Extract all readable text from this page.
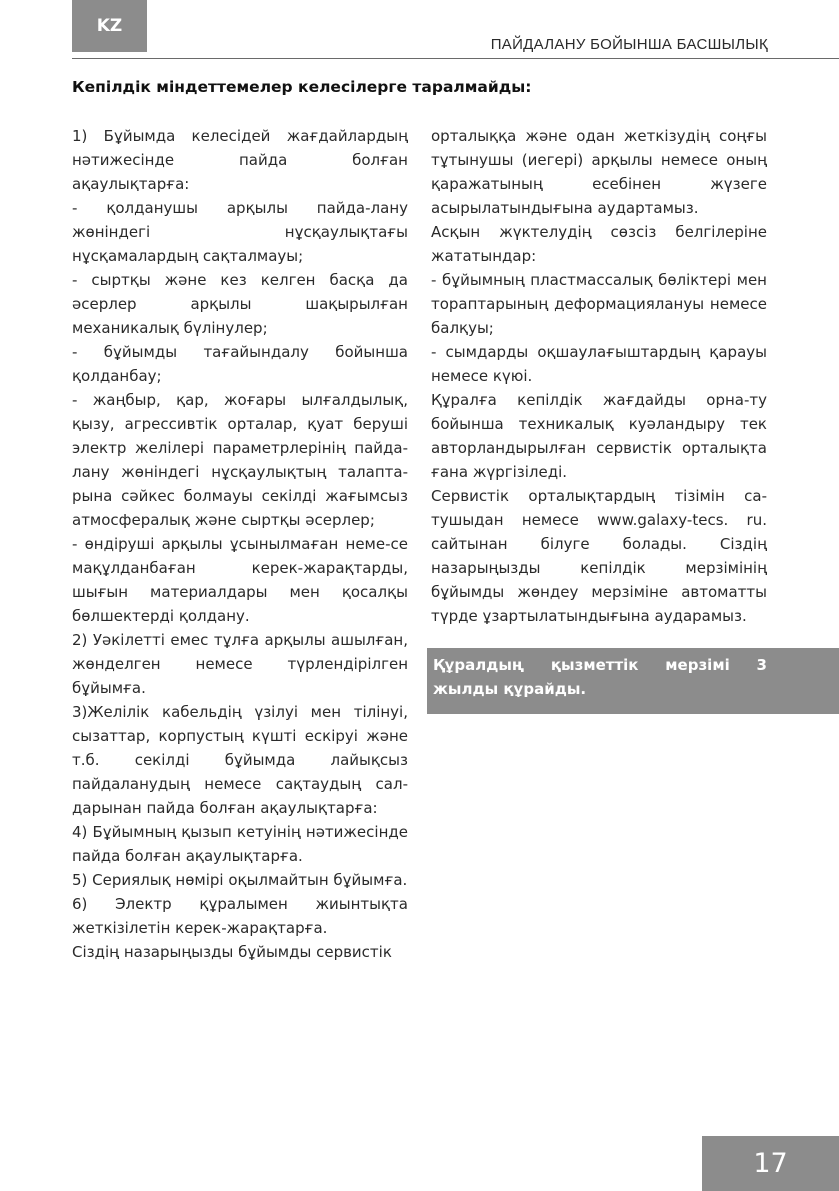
KZ
ПАЙДАЛАНУ БОЙЫНША БАСШЫЛЫҚ
Кепілдік міндеттемелер келесілерге таралмайды:

1) Бұйымда келесідей жағдайлардың нәтижесінде пайда болған ақаулықтарға:

- қолданушы арқылы пайда-лану жөніндегі нұсқаулықтағы нұсқамалардың сақталмауы;

- сыртқы және кез келген басқа да әсерлер арқылы шақырылған механикалық бүлінулер;

- бұйымды тағайындалу бойынша қолданбау;

- жаңбыр, қар, жоғары ылғалдылық, қызу, агрессивтік орталар, қуат беруші электр желілері параметрлерінің пайда-лану жөніндегі нұсқаулықтың талапта-рына сәйкес болмауы секілді жағымсыз атмосфералық және сыртқы әсерлер;

- өндіруші арқылы ұсынылмаған неме-се мақұлданбаған керек-жарақтарды, шығын материалдары мен қосалқы бөлшектерді қолдану.

2) Уәкілетті емес тұлға арқылы ашылған, жөнделген немесе түрлендірілген бұйымға.

3)Желілік кабельдің үзілуі мен тілінуі, сызаттар, корпустың күшті ескіруі және т.б. секілді бұйымда лайықсыз пайдаланудың немесе сақтаудың сал-дарынан пайда болған ақаулықтарға:

4) Бұйымның қызып кетуінің нәтижесінде пайда болған ақаулықтарға.

5) Сериялық нөмірі оқылмайтын бұйымға.

6) Электр құралымен жиынтықта жеткізілетін керек-жарақтарға.

Сіздің назарыңызды бұйымды сервистік

орталыққа және одан жеткізудің соңғы тұтынушы (иегері) арқылы немесе оның қаражатының есебінен жүзеге асырылатындығына аудартамыз.

Асқын жүктелудің сөзсіз белгілеріне жататындар:

- бұйымның пластмассалық бөліктері мен тораптарының деформациялануы немесе балқуы;

- сымдарды оқшаулағыштардың қарауы немесе күюі.

Құралға кепілдік жағдайды орна-ту бойынша техникалық куәландыру тек авторландырылған сервистік орталықта ғана жүргізіледі.

Сервистік орталықтардың тізімін са-тушыдан немесе www.galaxy-tecs. ru. сайтынан білуге болады. Сіздің назарыңызды кепілдік мерзімінің бұйымды жөндеу мерзіміне автоматты түрде ұзартылатындығына аударамыз.

Құралдың қызметтік мерзімі 3 жылды құрайды.
17
